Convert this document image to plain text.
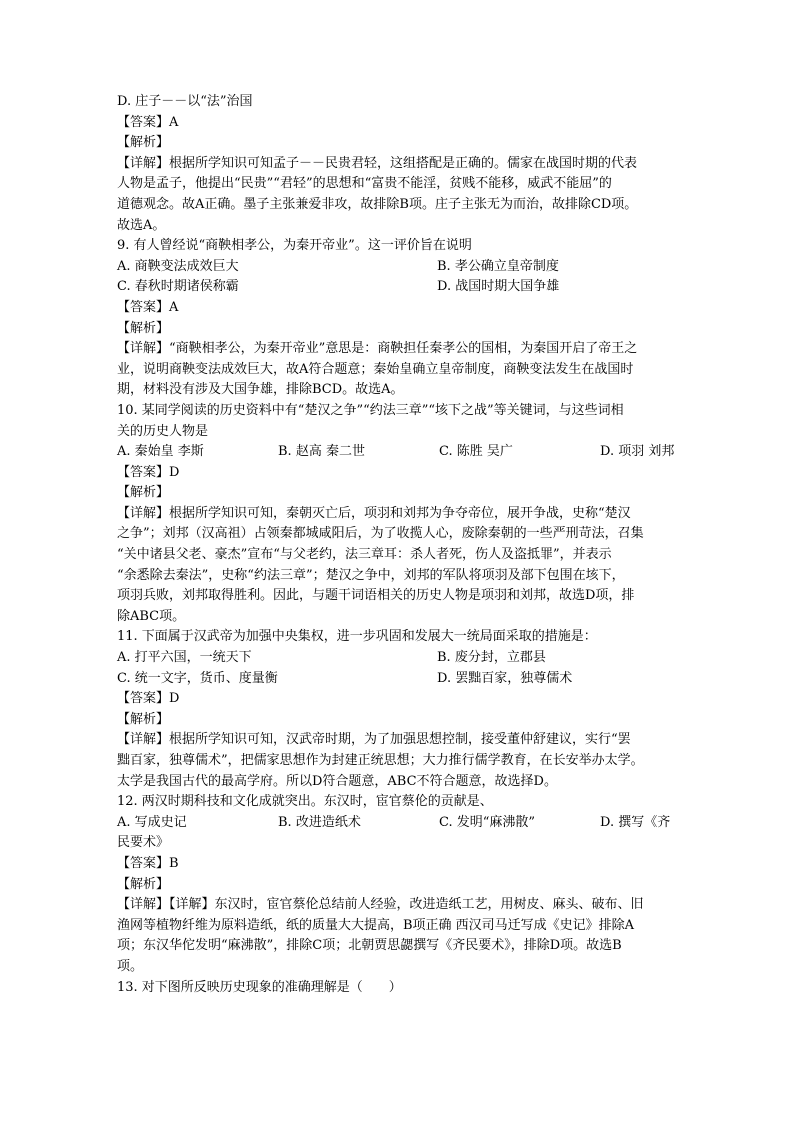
D. 庄子－－以“法”治国
【答案】A
【解析】
【详解】根据所学知识可知孟子－－民贵君轻，这组搭配是正确的。儒家在战国时期的代表
人物是孟子，他提出“民贵”“君轻”的思想和“富贵不能淫，贫贱不能移，威武不能屈”的
道德观念。故A正确。墨子主张兼爱非攻，故排除B项。庄子主张无为而治，故排除CD项。
故选A。
9. 有人曾经说“商鞅相孝公，为秦开帝业”。这一评价旨在说明
A. 商鞅变法成效巨大	B. 孝公确立皇帝制度
C. 春秋时期诸侯称霸	D. 战国时期大国争雄
【答案】A
【解析】
【详解】“商鞅相孝公，为秦开帝业”意思是：商鞅担任秦孝公的国相，为秦国开启了帝王之
业，说明商鞅变法成效巨大，故A符合题意；秦始皇确立皇帝制度，商鞅变法发生在战国时
期，材料没有涉及大国争雄，排除BCD。故选A。
10. 某同学阅读的历史资料中有“楚汉之争”“约法三章”“垓下之战”等关键词，与这些词相
关的历史人物是
A. 秦始皇 李斯	B. 赵高 秦二世	C. 陈胜 吴广	D. 项羽 刘邦
【答案】D
【解析】
【详解】根据所学知识可知，秦朝灭亡后，项羽和刘邦为争夺帝位，展开争战，史称“楚汉
之争”；刘邦（汉高祖）占领秦都城咸阳后，为了收揽人心，废除秦朝的一些严刑苛法，召集
“关中诸县父老、豪杰”宣布“与父老约，法三章耳：杀人者死，伤人及盗抵罪”，并表示
“余悉除去秦法”，史称“约法三章”；楚汉之争中，刘邦的军队将项羽及部下包围在垓下，
项羽兵败，刘邦取得胜利。因此，与题干词语相关的历史人物是项羽和刘邦，故选D项，排
除ABC项。
11. 下面属于汉武帝为加强中央集权，进一步巩固和发展大一统局面采取的措施是：
A. 打平六国，一统天下	B. 废分封，立郡县
C. 统一文字，货币、度量衡	D. 罢黜百家，独尊儒术
【答案】D
【解析】
【详解】根据所学知识可知，汉武帝时期，为了加强思想控制，接受董仲舒建议，实行“罢
黜百家，独尊儒术”，把儒家思想作为封建正统思想；大力推行儒学教育，在长安举办太学。
太学是我国古代的最高学府。所以D符合题意，ABC不符合题意，故选择D。
12. 两汉时期科技和文化成就突出。东汉时，宦官蔡伦的贡献是、
A. 写成史记	B. 改进造纸术	C. 发明“麻沸散”	D. 撰写《齐
民要术》
【答案】B
【解析】
【详解】【详解】东汉时，宦官蔡伦总结前人经验，改进造纸工艺，用树皮、麻头、破布、旧
渔网等植物纤维为原料造纸，纸的质量大大提高，B项正确 西汉司马迁写成《史记》排除A
项；东汉华佗发明“麻沸散”，排除C项；北朝贾思勰撰写《齐民要术》，排除D项。故选B
项。
13. 对下图所反映历史现象的准确理解是（　　）
